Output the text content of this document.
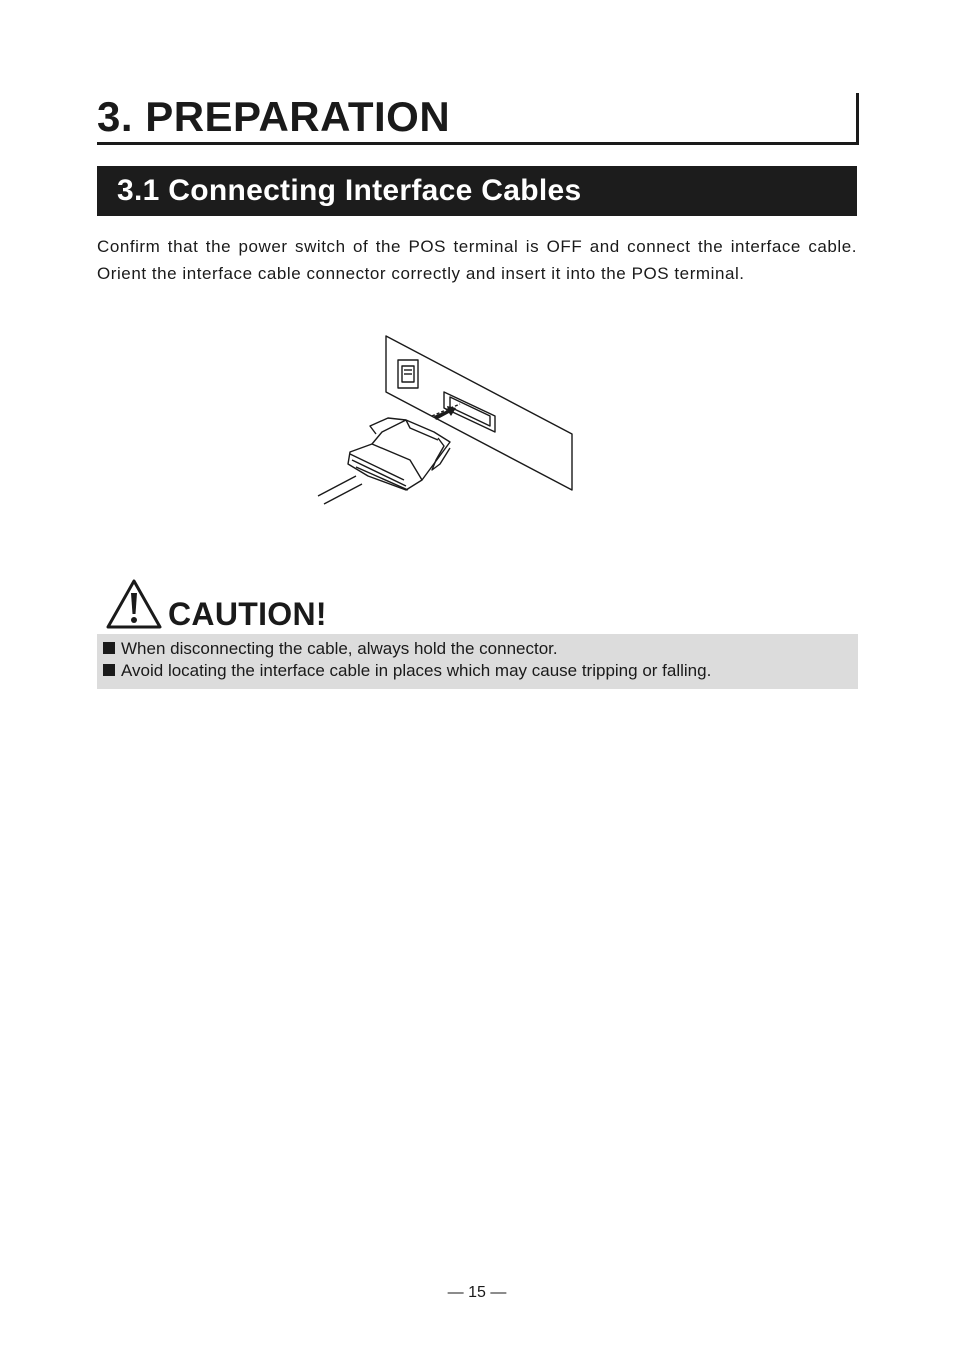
3. PREPARATION
3.1 Connecting Interface Cables
Confirm that the power switch of the POS terminal is OFF and connect the interface cable. Orient the interface cable connector correctly and insert it into the POS terminal.
CAUTION!
When disconnecting the cable, always hold the connector.
Avoid locating the interface cable in places which may cause tripping or falling.
— 15 —
